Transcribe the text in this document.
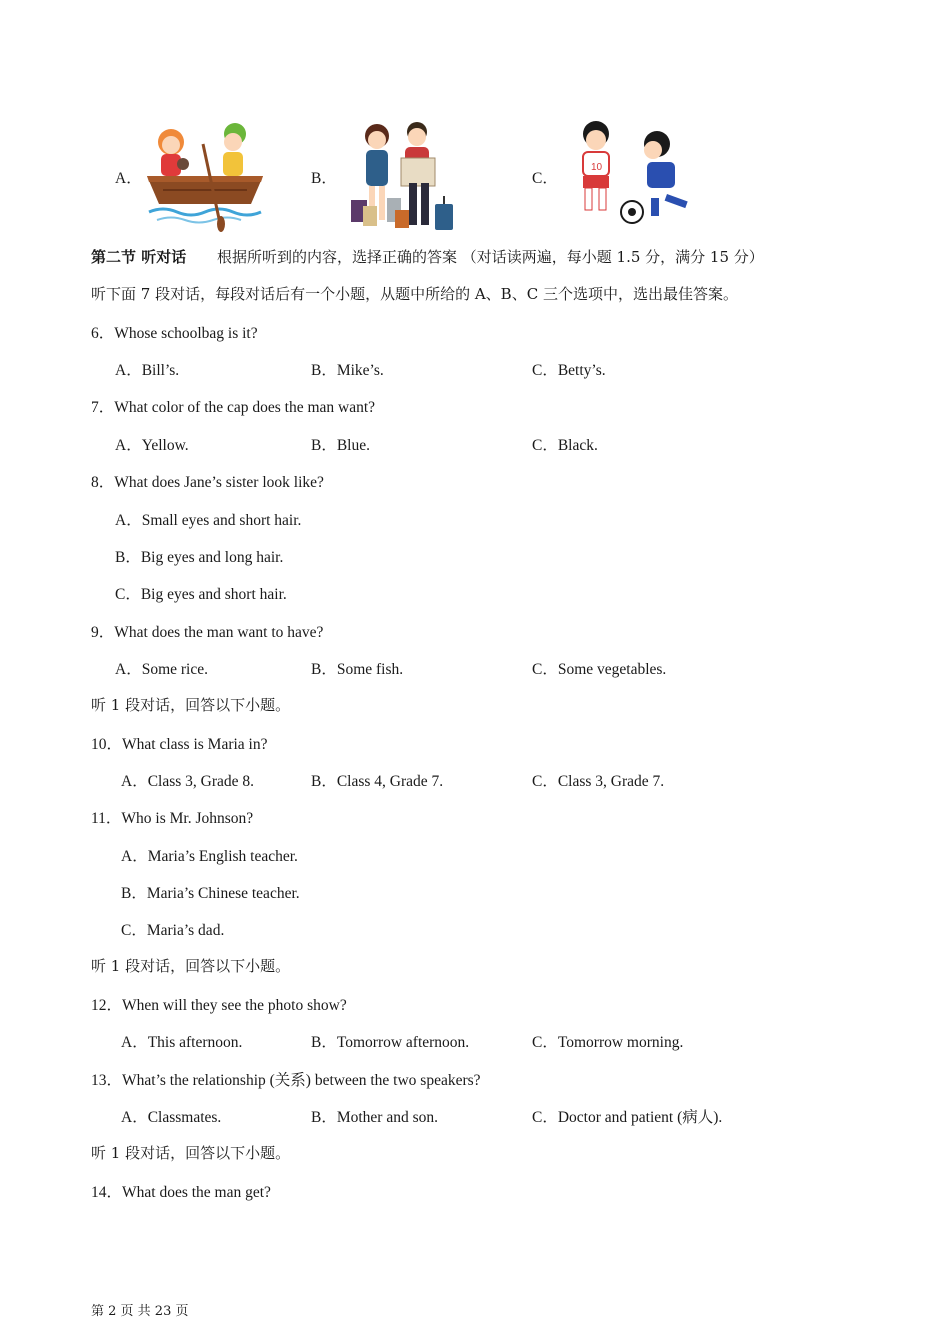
A．	B．	C．
10
第二节 听对话 根据所听到的内容，选择正确的答案 （对话读两遍，每小题 1.5 分，满分 15 分）
听下面 7 段对话，每段对话后有一个小题，从题中所给的 A、B、C 三个选项中，选出最佳答案。
6．Whose schoolbag is it?
A．Bill’s.	B．Mike’s.	C．Betty’s.
7．What color of the cap does the man want?
A．Yellow.	B．Blue.	C．Black.
8．What does Jane’s sister look like?
A．Small eyes and short hair.
B．Big eyes and long hair.
C．Big eyes and short hair.
9．What does the man want to have?
A．Some rice.	B．Some fish.	C．Some vegetables.
听 1 段对话，回答以下小题。
10．What class is Maria in?
A．Class 3, Grade 8.	B．Class 4, Grade 7.	C．Class 3, Grade 7.
11．Who is Mr. Johnson?
A．Maria’s English teacher.
B．Maria’s Chinese teacher.
C．Maria’s dad.
听 1 段对话，回答以下小题。
12．When will they see the photo show?
A．This afternoon.	B．Tomorrow afternoon.	C．Tomorrow morning.
13．What’s the relationship (关系) between the two speakers?
A．Classmates.	B．Mother and son.	C．Doctor and patient (病人).
听 1 段对话，回答以下小题。
14．What does the man get?
第 2 页 共 23 页
